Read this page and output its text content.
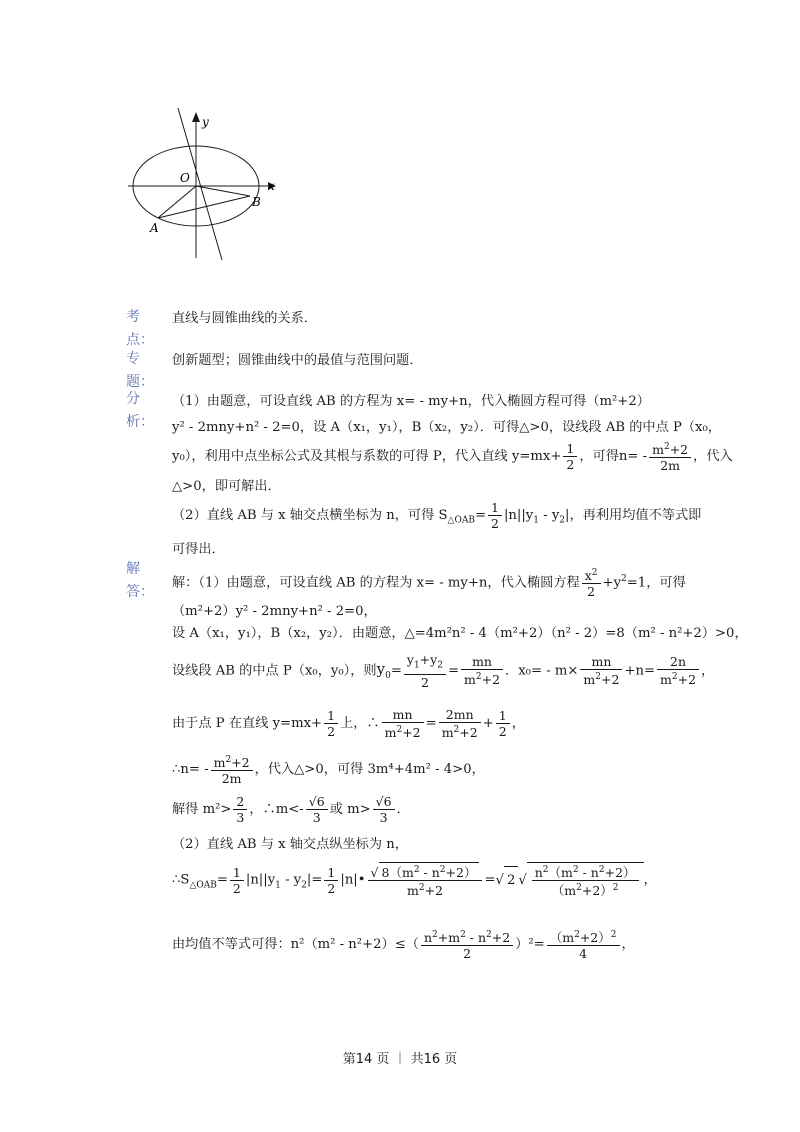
y
x
O
A
B
考点：
专题：
分析：
解答：
直线与圆锥曲线的关系．
创新题型；圆锥曲线中的最值与范围问题．
（1）由题意，可设直线 AB 的方程为 x= - my+n，代入椭圆方程可得（m²+2）
y² - 2mny+n² - 2=0，设 A（x₁，y₁），B（x₂，y₂）．可得△>0，设线段 AB 的中点 P（x₀，
y₀），利用中点坐标公式及其根与系数的可得 P，代入直线 $y=mx+ \frac{1}{2}$ ，可得$n= - \frac{m^2+2}{2m}$ ，代入
△>0，即可解出．
（2）直线 AB 与 x 轴交点横坐标为 n，可得 $S_{\triangle OAB}= \frac{1}{2} |n||y_1 - y_2|$，再利用均值不等式即
可得出．
解：（1）由题意，可设直线 AB 的方程为 x= - my+n，代入椭圆方程 $\frac{x^2}{2} +y^2=1$，可得
（m²+2）y² - 2mny+n² - 2=0，
设 A（x₁，y₁），B（x₂，y₂）．由题意，△=4m²n² - 4（m²+2）（n² - 2）=8（m² - n²+2）>0，
设线段 AB 的中点 P（x₀，y₀），则$y_0= \frac{y_1+y_2}{2} = \frac{mn}{m^2+2}$ ．$x_0= - m\times \frac{mn}{m^2+2} +n= \frac{2n}{m^2+2}$ ，
由于点 P 在直线 $y=mx+ \frac{1}{2}$ 上，∴ $\frac{mn}{m^2+2} = \frac{2mn}{m^2+2} + \frac{1}{2}$ ，
∴n= - $\frac{m^2+2}{2m}$ ，代入△>0，可得 3m⁴+4m² - 4>0，
解得 $m^2> \frac{2}{3}$ ，∴m<- $\frac{√6}{3}$ 或 $m> \frac{√6}{3}$ ．
（2）直线 AB 与 x 轴交点纵坐标为 n，
$\therefore S_{\triangle OAB}= \frac{1}{2} |n||y_1 - y_2|= \frac{1}{2}$ |n|• $\frac{√ 8(m^2 - n^2+2)}{m^2+2}$ =√ 2 √ $\frac{n^2(m^2 - n^2+2)}{(m^2+2)^2}$ ，
由均值不等式可得：$n^2(m^2 - n^2+2)\le( \frac{n^2+m^2 - n^2+2}{2} )^2= \frac{(m^2+2)^2}{4}$ ，
第14 页 ｜ 共16 页
